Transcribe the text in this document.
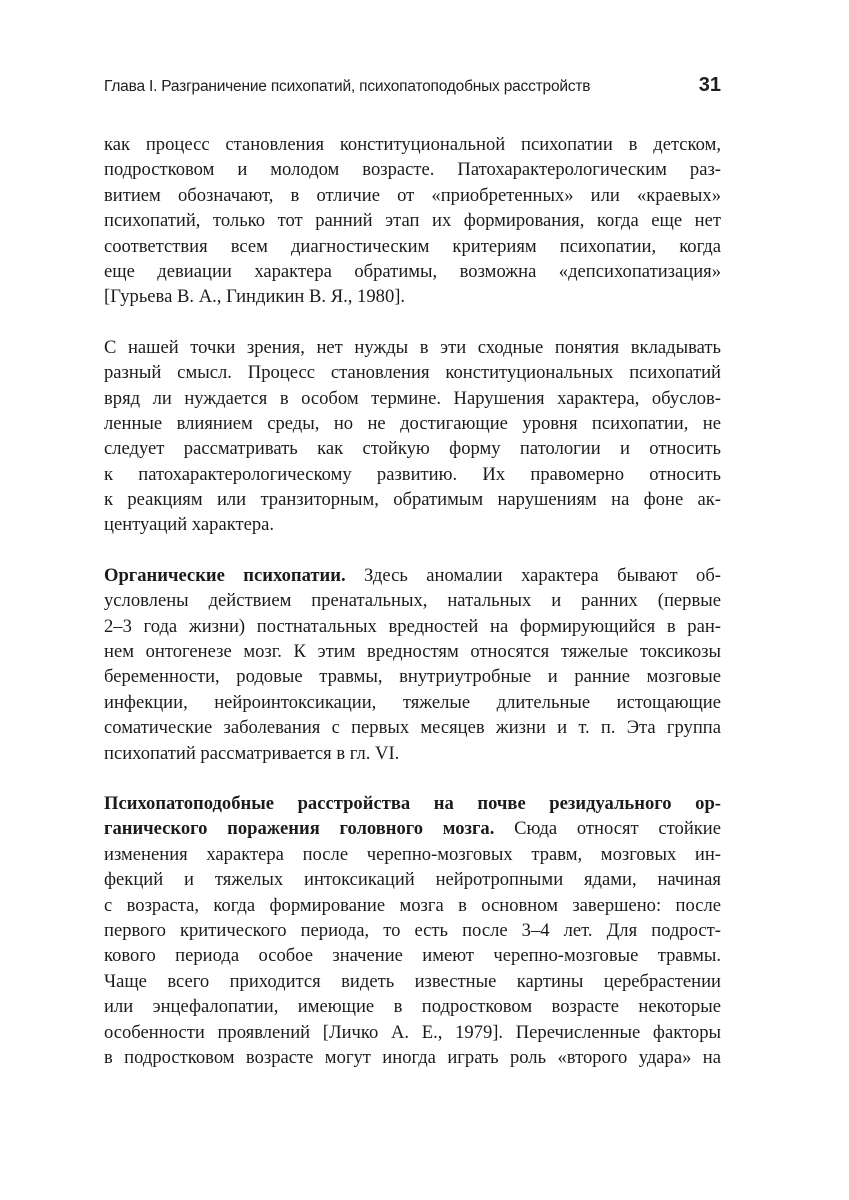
Глава I. Разграничение психопатий, психопатоподобных расстройств	31

как процесс становления конституциональной психопатии в детском,
подростковом и молодом возрасте. Патохарактерологическим раз-
витием обозначают, в отличие от «приобретенных» или «краевых»
психопатий, только тот ранний этап их формирования, когда еще нет
соответствия всем диагностическим критериям психопатии, когда
еще девиации характера обратимы, возможна «депсихопатизация»
[Гурьева В. А., Гиндикин В. Я., 1980].

С нашей точки зрения, нет нужды в эти сходные понятия вкладывать
разный смысл. Процесс становления конституциональных психопатий
вряд ли нуждается в особом термине. Нарушения характера, обуслов-
ленные влиянием среды, но не достигающие уровня психопатии, не
следует рассматривать как стойкую форму патологии и относить
к патохарактерологическому развитию. Их правомерно относить
к реакциям или транзиторным, обратимым нарушениям на фоне ак-
центуаций характера.

Органические психопатии. Здесь аномалии характера бывают об-
условлены действием пренатальных, натальных и ранних (первые
2–3 года жизни) постнатальных вредностей на формирующийся в ран-
нем онтогенезе мозг. К этим вредностям относятся тяжелые токсикозы
беременности, родовые травмы, внутриутробные и ранние мозговые
инфекции, нейроинтоксикации, тяжелые длительные истощающие
соматические заболевания с первых месяцев жизни и т. п. Эта группа
психопатий рассматривается в гл. VI.

Психопатоподобные расстройства на почве резидуального ор-
ганического поражения головного мозга. Сюда относят стойкие
изменения характера после черепно-мозговых травм, мозговых ин-
фекций и тяжелых интоксикаций нейротропными ядами, начиная
с возраста, когда формирование мозга в основном завершено: после
первого критического периода, то есть после 3–4 лет. Для подрост-
кового периода особое значение имеют черепно-мозговые травмы.
Чаще всего приходится видеть известные картины церебрастении
или энцефалопатии, имеющие в подростковом возрасте некоторые
особенности проявлений [Личко А. Е., 1979]. Перечисленные факторы
в подростковом возрасте могут иногда играть роль «второго удара» на
